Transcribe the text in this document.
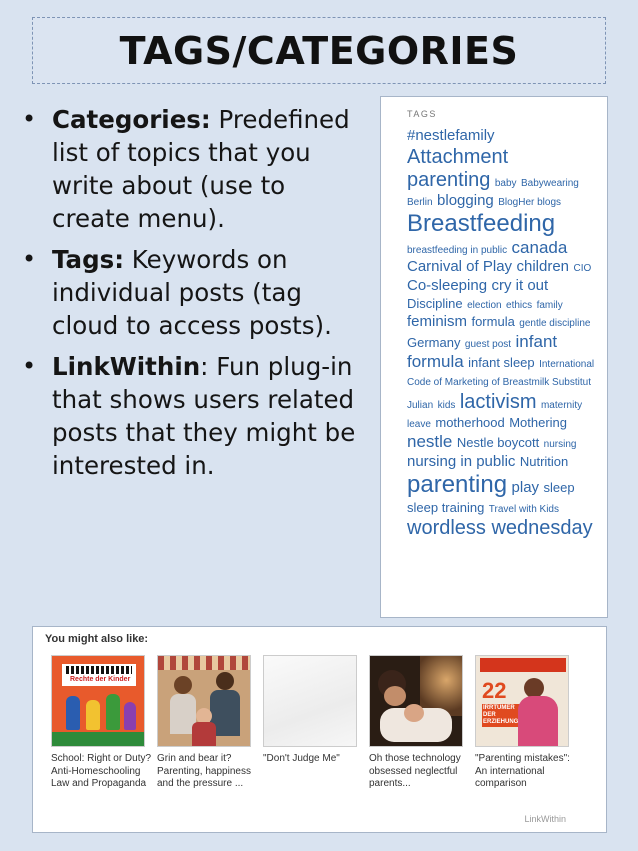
TAGS/CATEGORIES
• Categories: Predefined list of topics that you write about (use to create menu).
• Tags: Keywords on individual posts (tag cloud to access posts).
• LinkWithin: Fun plug-in that shows users related posts that they might be interested in.
TAGS
#nestlefamily Attachment parenting baby Babywearing Berlin blogging BlogHer blogs Breastfeeding breastfeeding in public canada Carnival of Play children CIO Co-sleeping cry it out Discipline election ethics family feminism formula gentle discipline Germany guest post infant formula infant sleep International Code of Marketing of Breastmilk Substitut Julian kids lactivism maternity leave motherhood Mothering nestle Nestle boycott nursing nursing in public Nutrition parenting play sleep sleep training Travel with Kids wordless wednesday
You might also like:
Rechte der Kinder
School: Right or Duty? Anti-Homeschooling Law and Propaganda
Grin and bear it? Parenting, happiness and the pressure ...
"Don't Judge Me"	Oh those technology obsessed neglectful parents...
22
IRRTÜMER DER ERZIEHUNG
"Parenting mistakes": An international comparison
LinkWithin
